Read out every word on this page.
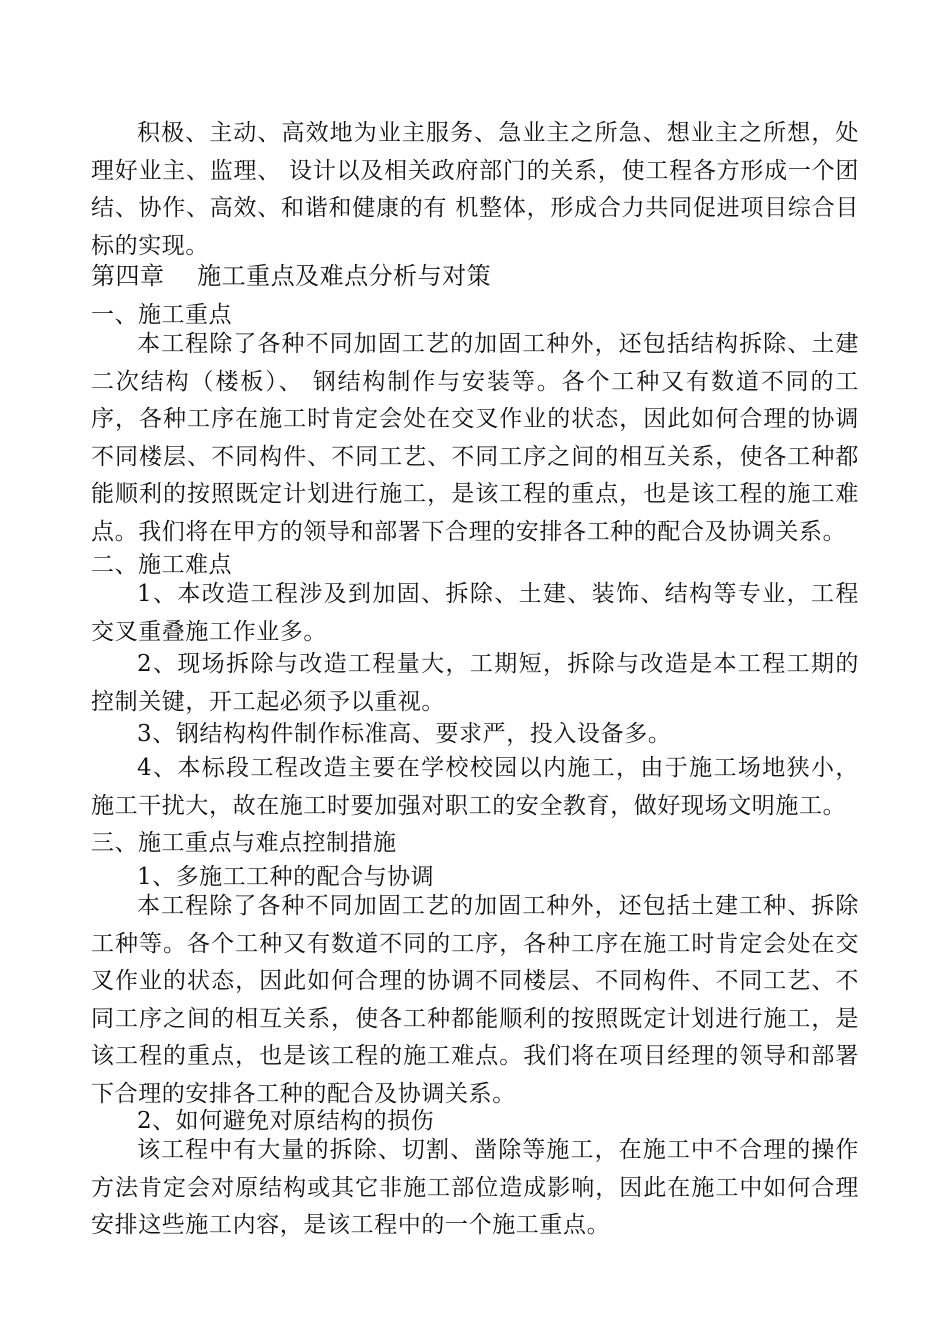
积极、主动、高效地为业主服务、急业主之所急、想业主之所想，处理好业主、监理、 设计以及相关政府部门的关系，使工程各方形成一个团结、协作、高效、和谐和健康的有 机整体，形成合力共同促进项目综合目标的实现。
第四章　 施工重点及难点分析与对策
一、施工重点
本工程除了各种不同加固工艺的加固工种外，还包括结构拆除、土建二次结构（楼板）、 钢结构制作与安装等。各个工种又有数道不同的工序，各种工序在施工时肯定会处在交叉作业的状态，因此如何合理的协调不同楼层、不同构件、不同工艺、不同工序之间的相互关系，使各工种都能顺利的按照既定计划进行施工，是该工程的重点，也是该工程的施工难点。我们将在甲方的领导和部署下合理的安排各工种的配合及协调关系。
二、施工难点
1、本改造工程涉及到加固、拆除、土建、装饰、结构等专业，工程交叉重叠施工作业多。
2、现场拆除与改造工程量大，工期短，拆除与改造是本工程工期的控制关键，开工起必须予以重视。
3、钢结构构件制作标准高、要求严，投入设备多。
4、本标段工程改造主要在学校校园以内施工，由于施工场地狭小，施工干扰大，故在施工时要加强对职工的安全教育，做好现场文明施工。
三、施工重点与难点控制措施
1、多施工工种的配合与协调
本工程除了各种不同加固工艺的加固工种外，还包括土建工种、拆除工种等。各个工种又有数道不同的工序，各种工序在施工时肯定会处在交叉作业的状态，因此如何合理的协调不同楼层、不同构件、不同工艺、不同工序之间的相互关系，使各工种都能顺利的按照既定计划进行施工，是该工程的重点，也是该工程的施工难点。我们将在项目经理的领导和部署下合理的安排各工种的配合及协调关系。
2、如何避免对原结构的损伤
该工程中有大量的拆除、切割、凿除等施工，在施工中不合理的操作方法肯定会对原结构或其它非施工部位造成影响，因此在施工中如何合理安排这些施工内容，是该工程中的一个施工重点。
